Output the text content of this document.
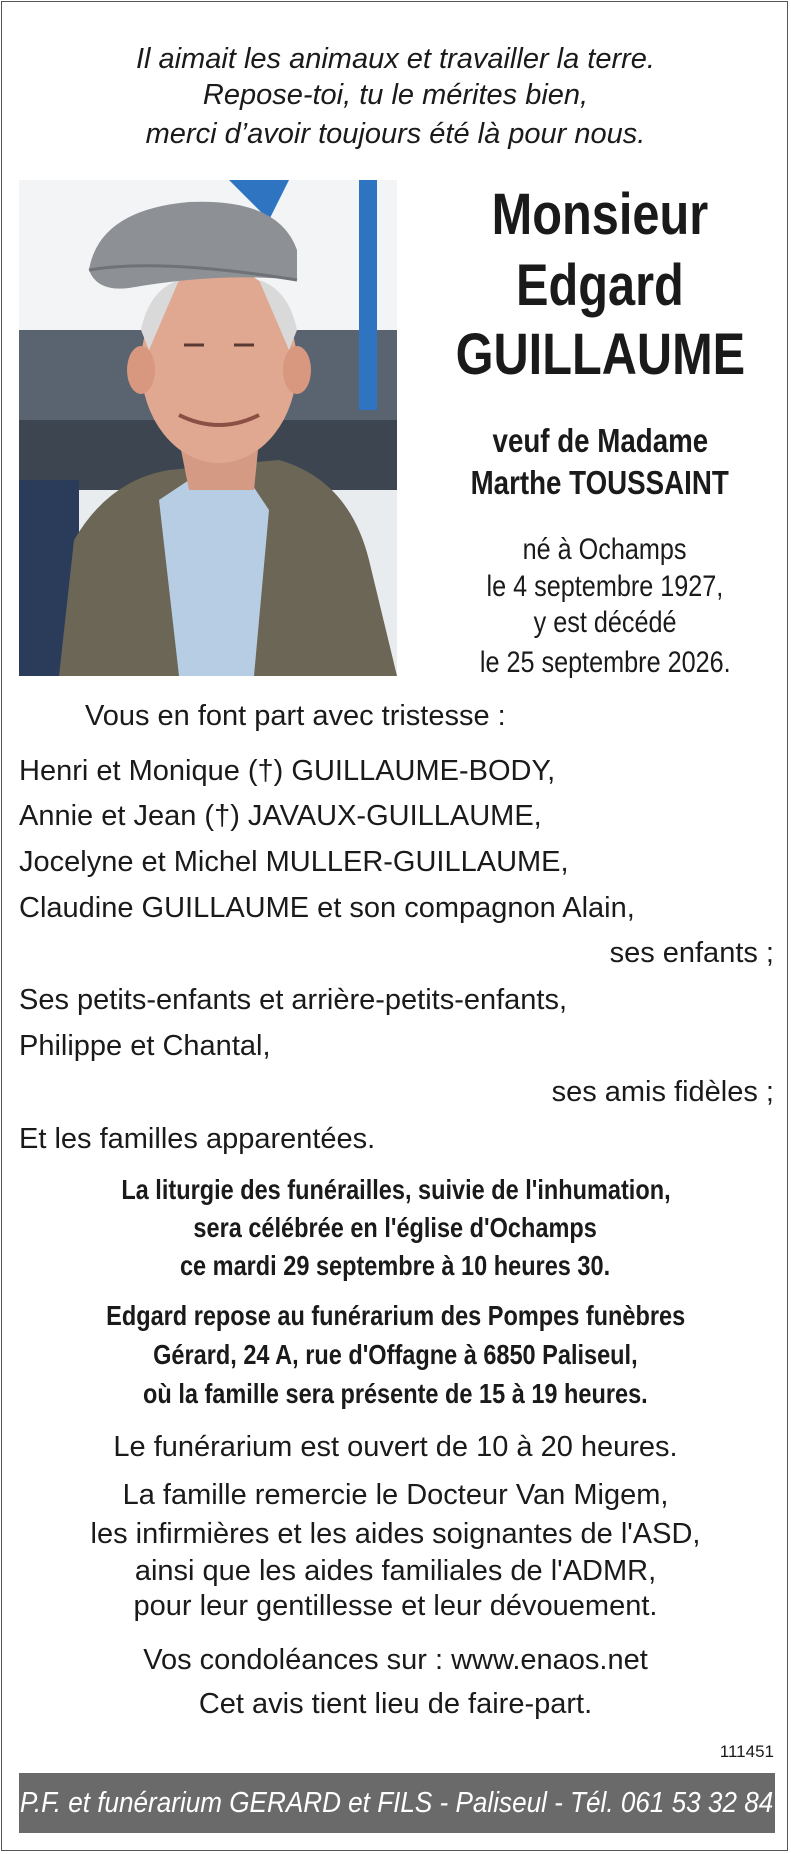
Il aimait les animaux et travailler la terre.
Repose-toi, tu le mérites bien,
merci d’avoir toujours été là pour nous.
Monsieur
Edgard
GUILLAUME
veuf de Madame
Marthe TOUSSAINT
né à Ochamps
le 4 septembre 1927,
y est décédé
le 25 septembre 2026.
Vous en font part avec tristesse :
Henri et Monique (†) GUILLAUME-BODY,
Annie et Jean (†) JAVAUX-GUILLAUME,
Jocelyne et Michel MULLER-GUILLAUME,
Claudine GUILLAUME et son compagnon Alain,
ses enfants ;
Ses petits-enfants et arrière-petits-enfants,
Philippe et Chantal,
ses amis fidèles ;
Et les familles apparentées.
La liturgie des funérailles, suivie de l'inhumation,
sera célébrée en l'église d'Ochamps
ce mardi 29 septembre à 10 heures 30.
Edgard repose au funérarium des Pompes funèbres
Gérard, 24 A, rue d'Offagne à 6850 Paliseul,
où la famille sera présente de 15 à 19 heures.
Le funérarium est ouvert de 10 à 20 heures.
La famille remercie le Docteur Van Migem,
les infirmières et les aides soignantes de l'ASD,
ainsi que les aides familiales de l'ADMR,
pour leur gentillesse et leur dévouement.
Vos condoléances sur : www.enaos.net
Cet avis tient lieu de faire-part.
111451
P.F. et funérarium GERARD et FILS - Paliseul - Tél. 061 53 32 84
